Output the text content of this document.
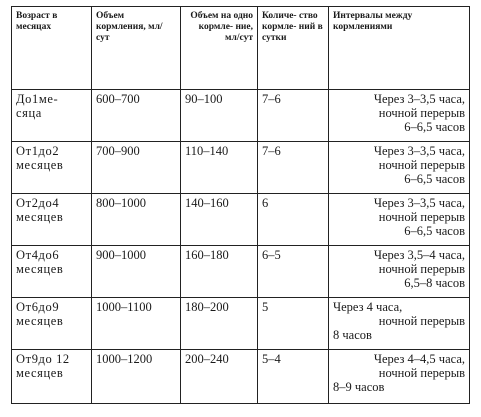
Возраст в месяцах	Объем кормления, мл/сут	Объем на одно кормле- ние, мл/сут	Количе- ство кормле- ний в сутки	Интервалы между кормлениями

До1ме-
сяца	600–700	90–100	7–6	Через 3–3,5 часа,
ночной перерыв
6–6,5 часов

От1до2
месяцев	700–900	110–140	7–6	Через 3–3,5 часа,
ночной перерыв
6–6,5 часов

От2до4
месяцев	800–1000	140–160	6	Через 3–3,5 часа,
ночной перерыв
6–6,5 часов

От4до6
месяцев	900–1000	160–180	6–5	Через 3,5–4 часа,
ночной перерыв
6,5–8 часов

От6до9
месяцев	1000–1100	180–200	5	Через 4 часа,
ночной перерыв
8 часов

От9до 12
месяцев	1000–1200	200–240	5–4	Через 4–4,5 часа,
ночной перерыв
8–9 часов
